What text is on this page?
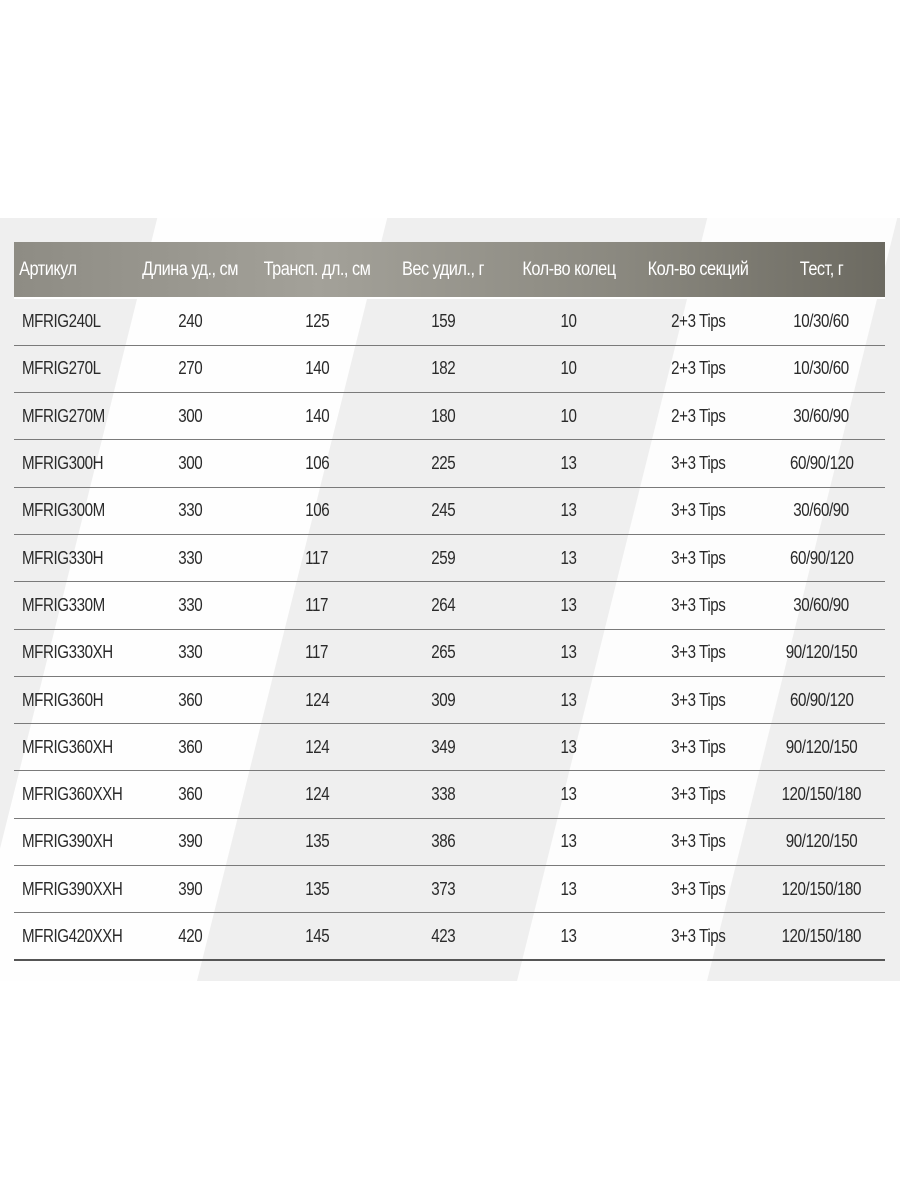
Артикул	Длина уд., см	Трансп. дл., см	Вес удил., г	Кол-во колец	Кол-во секций	Тест, г
MFRIG240L	240	125	159	10	2+3 Tips	10/30/60
MFRIG270L	270	140	182	10	2+3 Tips	10/30/60
MFRIG270M	300	140	180	10	2+3 Tips	30/60/90
MFRIG300H	300	106	225	13	3+3 Tips	60/90/120
MFRIG300M	330	106	245	13	3+3 Tips	30/60/90
MFRIG330H	330	117	259	13	3+3 Tips	60/90/120
MFRIG330M	330	117	264	13	3+3 Tips	30/60/90
MFRIG330XH	330	117	265	13	3+3 Tips	90/120/150
MFRIG360H	360	124	309	13	3+3 Tips	60/90/120
MFRIG360XH	360	124	349	13	3+3 Tips	90/120/150
MFRIG360XXH	360	124	338	13	3+3 Tips	120/150/180
MFRIG390XH	390	135	386	13	3+3 Tips	90/120/150
MFRIG390XXH	390	135	373	13	3+3 Tips	120/150/180
MFRIG420XXH	420	145	423	13	3+3 Tips	120/150/180
